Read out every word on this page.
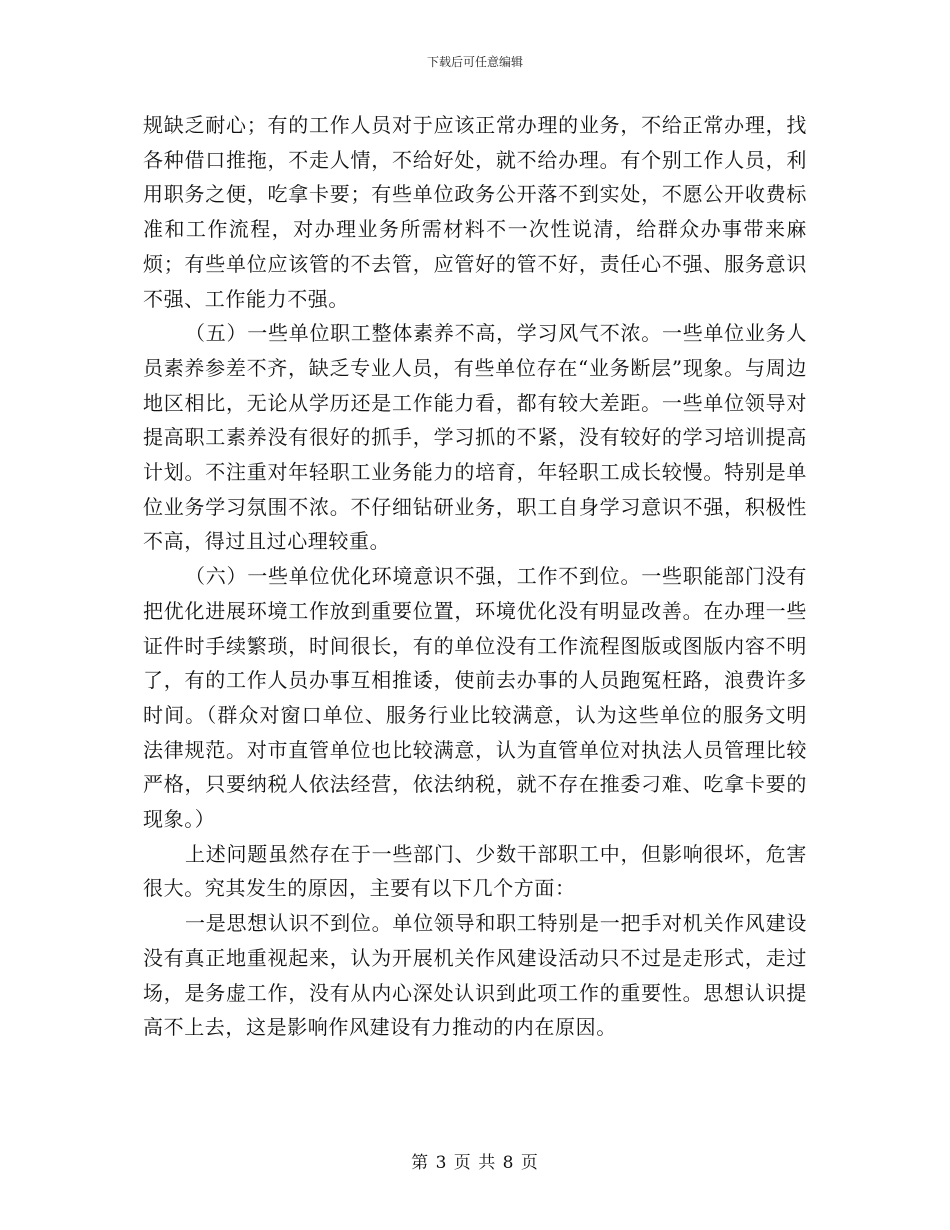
下载后可任意编辑

规缺乏耐心；有的工作人员对于应该正常办理的业务，不给正常办理，找各种借口推拖，不走人情，不给好处，就不给办理。有个别工作人员，利用职务之便，吃拿卡要；有些单位政务公开落不到实处，不愿公开收费标准和工作流程，对办理业务所需材料不一次性说清，给群众办事带来麻烦；有些单位应该管的不去管，应管好的管不好，责任心不强、服务意识不强、工作能力不强。

（五）一些单位职工整体素养不高，学习风气不浓。一些单位业务人员素养参差不齐，缺乏专业人员，有些单位存在“业务断层”现象。与周边地区相比，无论从学历还是工作能力看，都有较大差距。一些单位领导对提高职工素养没有很好的抓手，学习抓的不紧，没有较好的学习培训提高计划。不注重对年轻职工业务能力的培育，年轻职工成长较慢。特别是单位业务学习氛围不浓。不仔细钻研业务，职工自身学习意识不强，积极性不高，得过且过心理较重。

（六）一些单位优化环境意识不强，工作不到位。一些职能部门没有把优化进展环境工作放到重要位置，环境优化没有明显改善。在办理一些证件时手续繁琐，时间很长，有的单位没有工作流程图版或图版内容不明了，有的工作人员办事互相推诿，使前去办事的人员跑冤枉路，浪费许多时间。（群众对窗口单位、服务行业比较满意，认为这些单位的服务文明法律规范。对市直管单位也比较满意，认为直管单位对执法人员管理比较严格，只要纳税人依法经营，依法纳税，就不存在推委刁难、吃拿卡要的现象。）

上述问题虽然存在于一些部门、少数干部职工中，但影响很坏，危害很大。究其发生的原因，主要有以下几个方面：

一是思想认识不到位。单位领导和职工特别是一把手对机关作风建设没有真正地重视起来，认为开展机关作风建设活动只不过是走形式，走过场，是务虚工作，没有从内心深处认识到此项工作的重要性。思想认识提高不上去，这是影响作风建设有力推动的内在原因。

第 3 页 共 8 页
